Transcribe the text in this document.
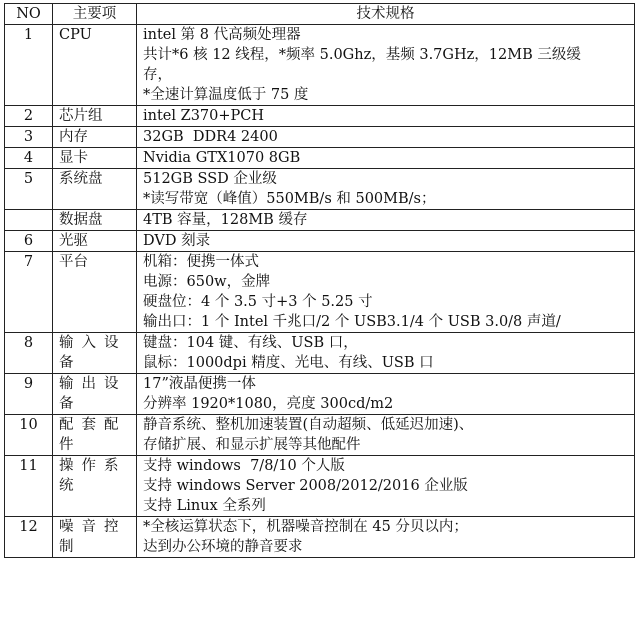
NO	主要项	技术规格
1	CPU	intel 第 8 代高频处理器
共计*6 核 12 线程，*频率 5.0Ghz，基频 3.7GHz，12MB 三级缓
存，
*全速计算温度低于 75 度

2	芯片组	intel Z370+PCH

3	内存	32GB  DDR4 2400

4	显卡	Nvidia GTX1070 8GB

5	系统盘	512GB SSD 企业级
*读写带宽（峰值）550MB/s 和 500MB/s；

	数据盘	4TB 容量，128MB 缓存

6	光驱	DVD 刻录

7	平台	机箱：便携一体式
电源：650w，金牌
硬盘位：4 个 3.5 寸+3 个 5.25 寸
输出口：1 个 Intel 千兆口/2 个 USB3.1/4 个 USB 3.0/8 声道/

8	输入设备	键盘：104 键、有线、USB 口，
鼠标：1000dpi 精度、光电、有线、USB 口

9	输出设备	17”液晶便携一体
分辨率 1920*1080，亮度 300cd/m2

10	配套配件	静音系统、整机加速装置(自动超频、低延迟加速)、
存储扩展、和显示扩展等其他配件

11	操作系统	支持 windows  7/8/10 个人版
支持 windows Server 2008/2012/2016 企业版
支持 Linux 全系列

12	噪音控制	*全核运算状态下，机器噪音控制在 45 分贝以内；
达到办公环境的静音要求
